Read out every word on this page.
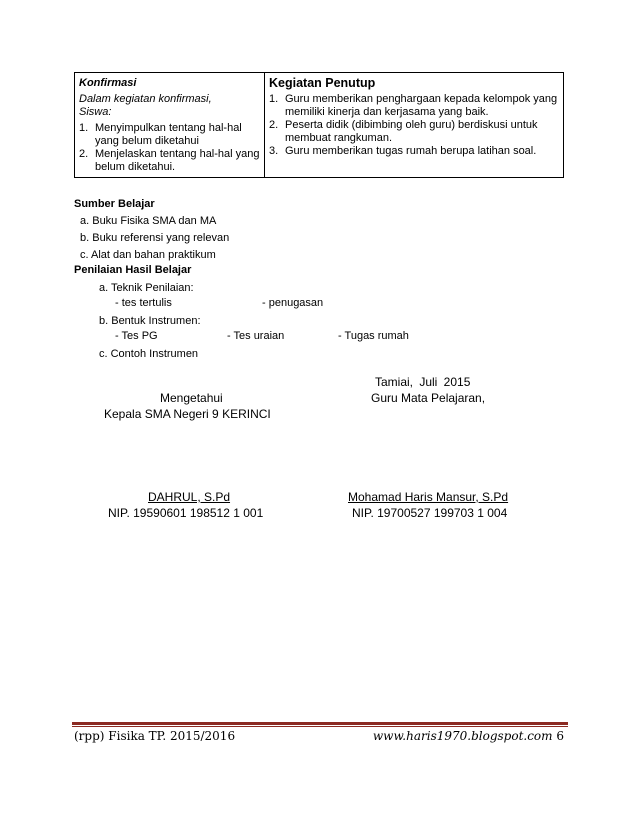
Konfirmasi
Dalam kegiatan konfirmasi, Siswa:
1. Menyimpulkan tentang hal-hal yang belum diketahui
2. Menjelaskan tentang hal-hal yang belum diketahui.

Kegiatan Penutup
1. Guru memberikan penghargaan kepada kelompok yang memiliki kinerja dan kerjasama yang baik.
2. Peserta didik (dibimbing oleh guru) berdiskusi untuk membuat rangkuman.
3. Guru memberikan tugas rumah berupa latihan soal.
Sumber Belajar
a. Buku Fisika SMA dan MA
b. Buku referensi yang relevan
c. Alat dan bahan praktikum
Penilaian Hasil Belajar
a. Teknik Penilaian:
- tes tertulis	- penugasan
b. Bentuk Instrumen:
- Tes PG	- Tes uraian	- Tugas rumah
c. Contoh Instrumen
Tamiai, Juli 2015
Mengetahui
Kepala SMA Negeri 9 KERINCI
Guru Mata Pelajaran,
DAHRUL, S.Pd
NIP. 19590601 198512 1 001
Mohamad Haris Mansur, S.Pd
NIP. 19700527 199703 1 004
(rpp) Fisika TP. 2015/2016	www.haris1970.blogspot.com 6
